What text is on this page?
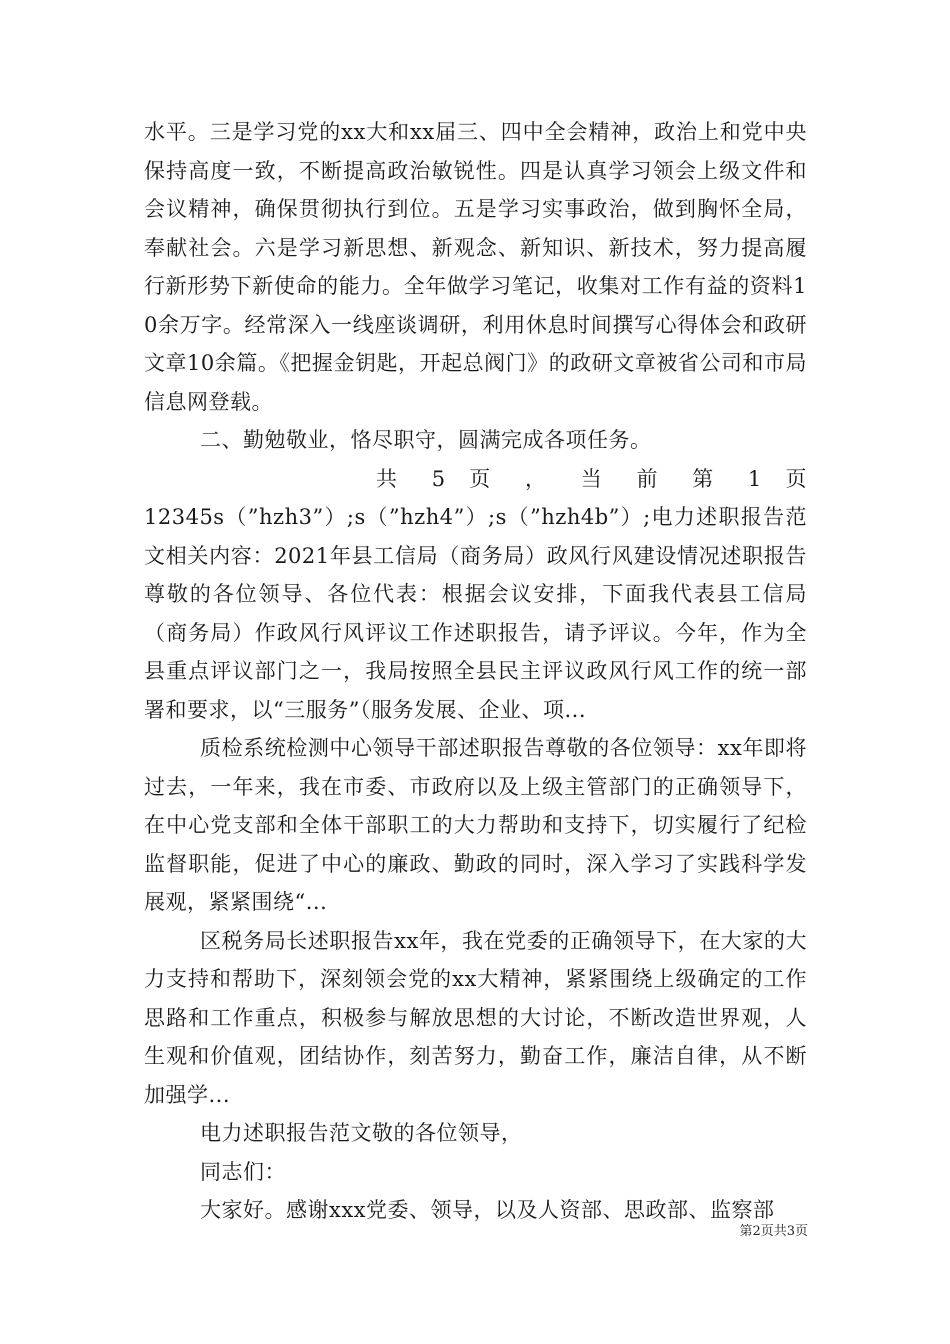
水平。三是学习党的xx大和xx届三、四中全会精神，政治上和党中央保持高度一致，不断提高政治敏锐性。四是认真学习领会上级文件和会议精神，确保贯彻执行到位。五是学习实事政治，做到胸怀全局，奉献社会。六是学习新思想、新观念、新知识、新技术，努力提高履行新形势下新使命的能力。全年做学习笔记，收集对工作有益的资料10余万字。经常深入一线座谈调研，利用休息时间撰写心得体会和政研文章10余篇。《把握金钥匙，开起总阀门》的政研文章被省公司和市局信息网登载。

二、勤勉敬业，恪尽职守，圆满完成各项任务。

共 5 页 ， 当 前 第 1 页

12345s（”hzh3”）;s（”hzh4”）;s（”hzh4b”）;电力述职报告范文相关内容：2021年县工信局（商务局）政风行风建设情况述职报告尊敬的各位领导、各位代表：根据会议安排，下面我代表县工信局（商务局）作政风行风评议工作述职报告，请予评议。今年，作为全县重点评议部门之一，我局按照全县民主评议政风行风工作的统一部署和要求，以“三服务”（服务发展、企业、项...

质检系统检测中心领导干部述职报告尊敬的各位领导：xx年即将过去，一年来，我在市委、市政府以及上级主管部门的正确领导下，在中心党支部和全体干部职工的大力帮助和支持下，切实履行了纪检监督职能，促进了中心的廉政、勤政的同时，深入学习了实践科学发展观，紧紧围绕“...

区税务局长述职报告xx年，我在党委的正确领导下，在大家的大力支持和帮助下，深刻领会党的xx大精神，紧紧围绕上级确定的工作思路和工作重点，积极参与解放思想的大讨论，不断改造世界观，人生观和价值观，团结协作，刻苦努力，勤奋工作，廉洁自律，从不断加强学...

电力述职报告范文敬的各位领导，

同志们：

大家好。感谢xxx党委、领导，以及人资部、思政部、监察部

第2页共3页
